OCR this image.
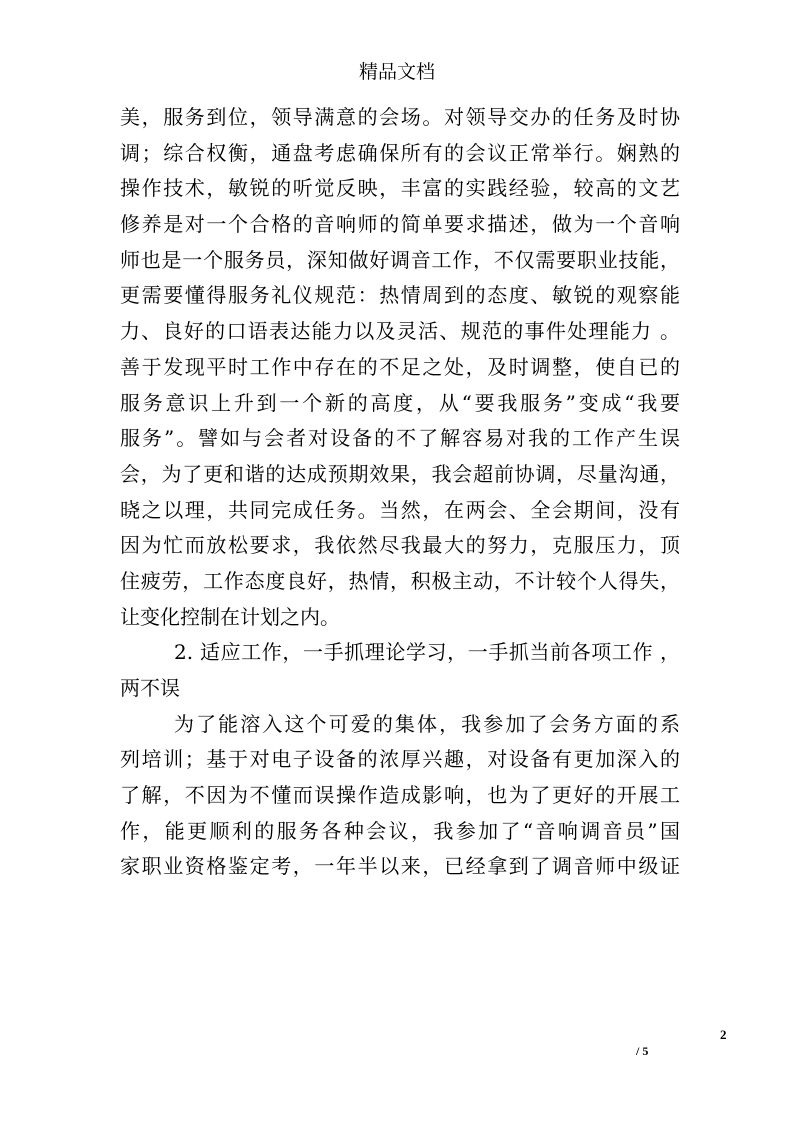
精品文档
美，服务到位，领导满意的会场。对领导交办的任务及时协
调；综合权衡，通盘考虑确保所有的会议正常举行。娴熟的
操作技术，敏锐的听觉反映，丰富的实践经验，较高的文艺
修养是对一个合格的音响师的简单要求描述，做为一个音响
师也是一个服务员，深知做好调音工作，不仅需要职业技能，
更需要懂得服务礼仪规范：热情周到的态度、敏锐的观察能
力、良好的口语表达能力以及灵活、规范的事件处理能力 。
善于发现平时工作中存在的不足之处，及时调整，使自已的
服务意识上升到一个新的高度，从“要我服务”变成“我要
服务”。譬如与会者对设备的不了解容易对我的工作产生误
会，为了更和谐的达成预期效果，我会超前协调，尽量沟通，
晓之以理，共同完成任务。当然，在两会、全会期间，没有
因为忙而放松要求，我依然尽我最大的努力，克服压力，顶
住疲劳，工作态度良好，热情，积极主动，不计较个人得失，
让变化控制在计划之内。
2. 适应工作，一手抓理论学习，一手抓当前各项工作 ，
两不误
为了能溶入这个可爱的集体，我参加了会务方面的系
列培训；基于对电子设备的浓厚兴趣，对设备有更加深入的
了解，不因为不懂而误操作造成影响，也为了更好的开展工
作，能更顺利的服务各种会议，我参加了“音响调音员”国
家职业资格鉴定考，一年半以来，已经拿到了调音师中级证
2
/ 5
